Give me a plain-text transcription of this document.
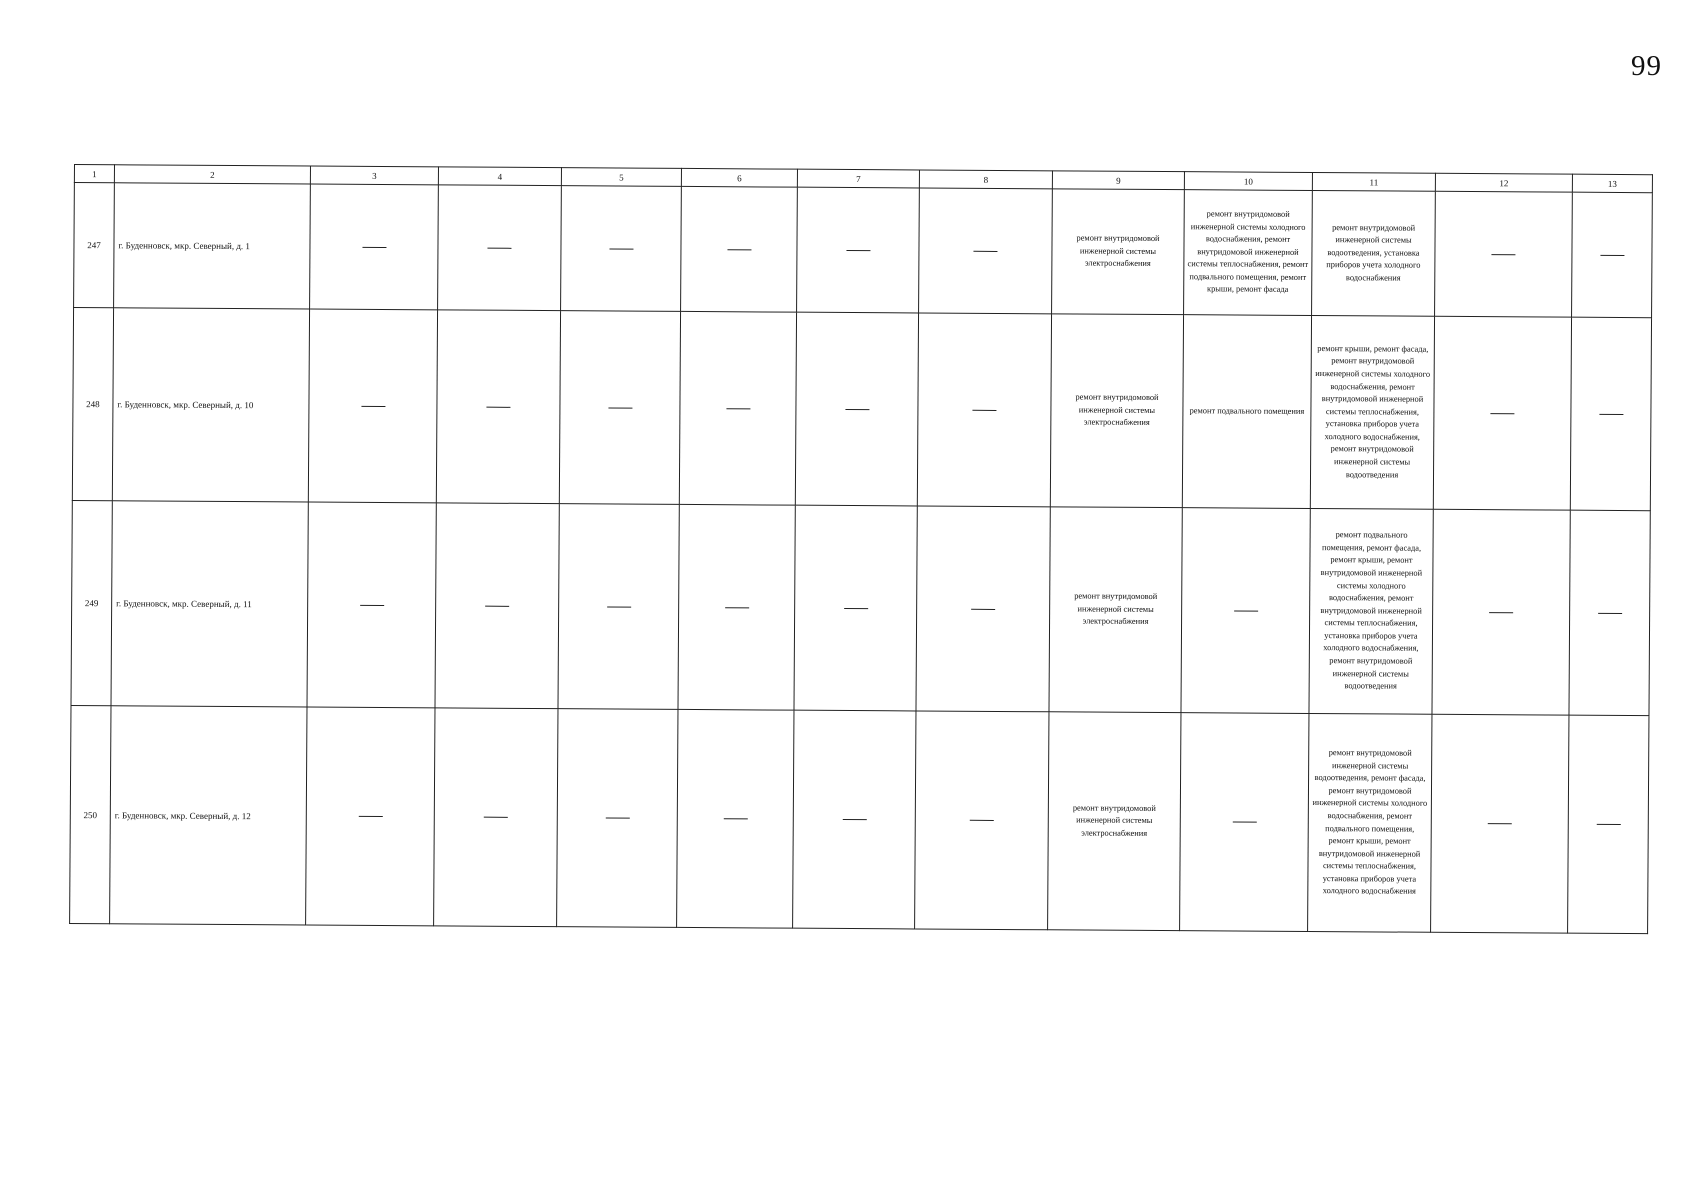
99
1	2	3	4	5	6	7	8	9	10	11	12	13
247	г. Буденновск, мкр. Северный, д. 1							ремонт внутридомовой инженерной системы электроснабжения	ремонт внутридомовой инженерной системы холодного водоснабжения, ремонт внутридомовой инженерной системы теплоснабжения, ремонт подвального помещения, ремонт крыши, ремонт фасада	ремонт внутридомовой инженерной системы водоотведения, установка приборов учета холодного водоснабжения		
248	г. Буденновск, мкр. Северный, д. 10							ремонт внутридомовой инженерной системы электроснабжения	ремонт подвального помещения	ремонт крыши, ремонт фасада, ремонт внутридомовой инженерной системы холодного водоснабжения, ремонт внутридомовой инженерной системы теплоснабжения, установка приборов учета холодного водоснабжения, ремонт внутридомовой инженерной системы водоотведения		
249	г. Буденновск, мкр. Северный, д. 11							ремонт внутридомовой инженерной системы электроснабжения		ремонт подвального помещения, ремонт фасада, ремонт крыши, ремонт внутридомовой инженерной системы холодного водоснабжения, ремонт внутридомовой инженерной системы теплоснабжения, установка приборов учета холодного водоснабжения, ремонт внутридомовой инженерной системы водоотведения		
250	г. Буденновск, мкр. Северный, д. 12							ремонт внутридомовой инженерной системы электроснабжения		ремонт внутридомовой инженерной системы водоотведения, ремонт фасада, ремонт внутридомовой инженерной системы холодного водоснабжения, ремонт подвального помещения, ремонт крыши, ремонт внутридомовой инженерной системы теплоснабжения, установка приборов учета холодного водоснабжения		
